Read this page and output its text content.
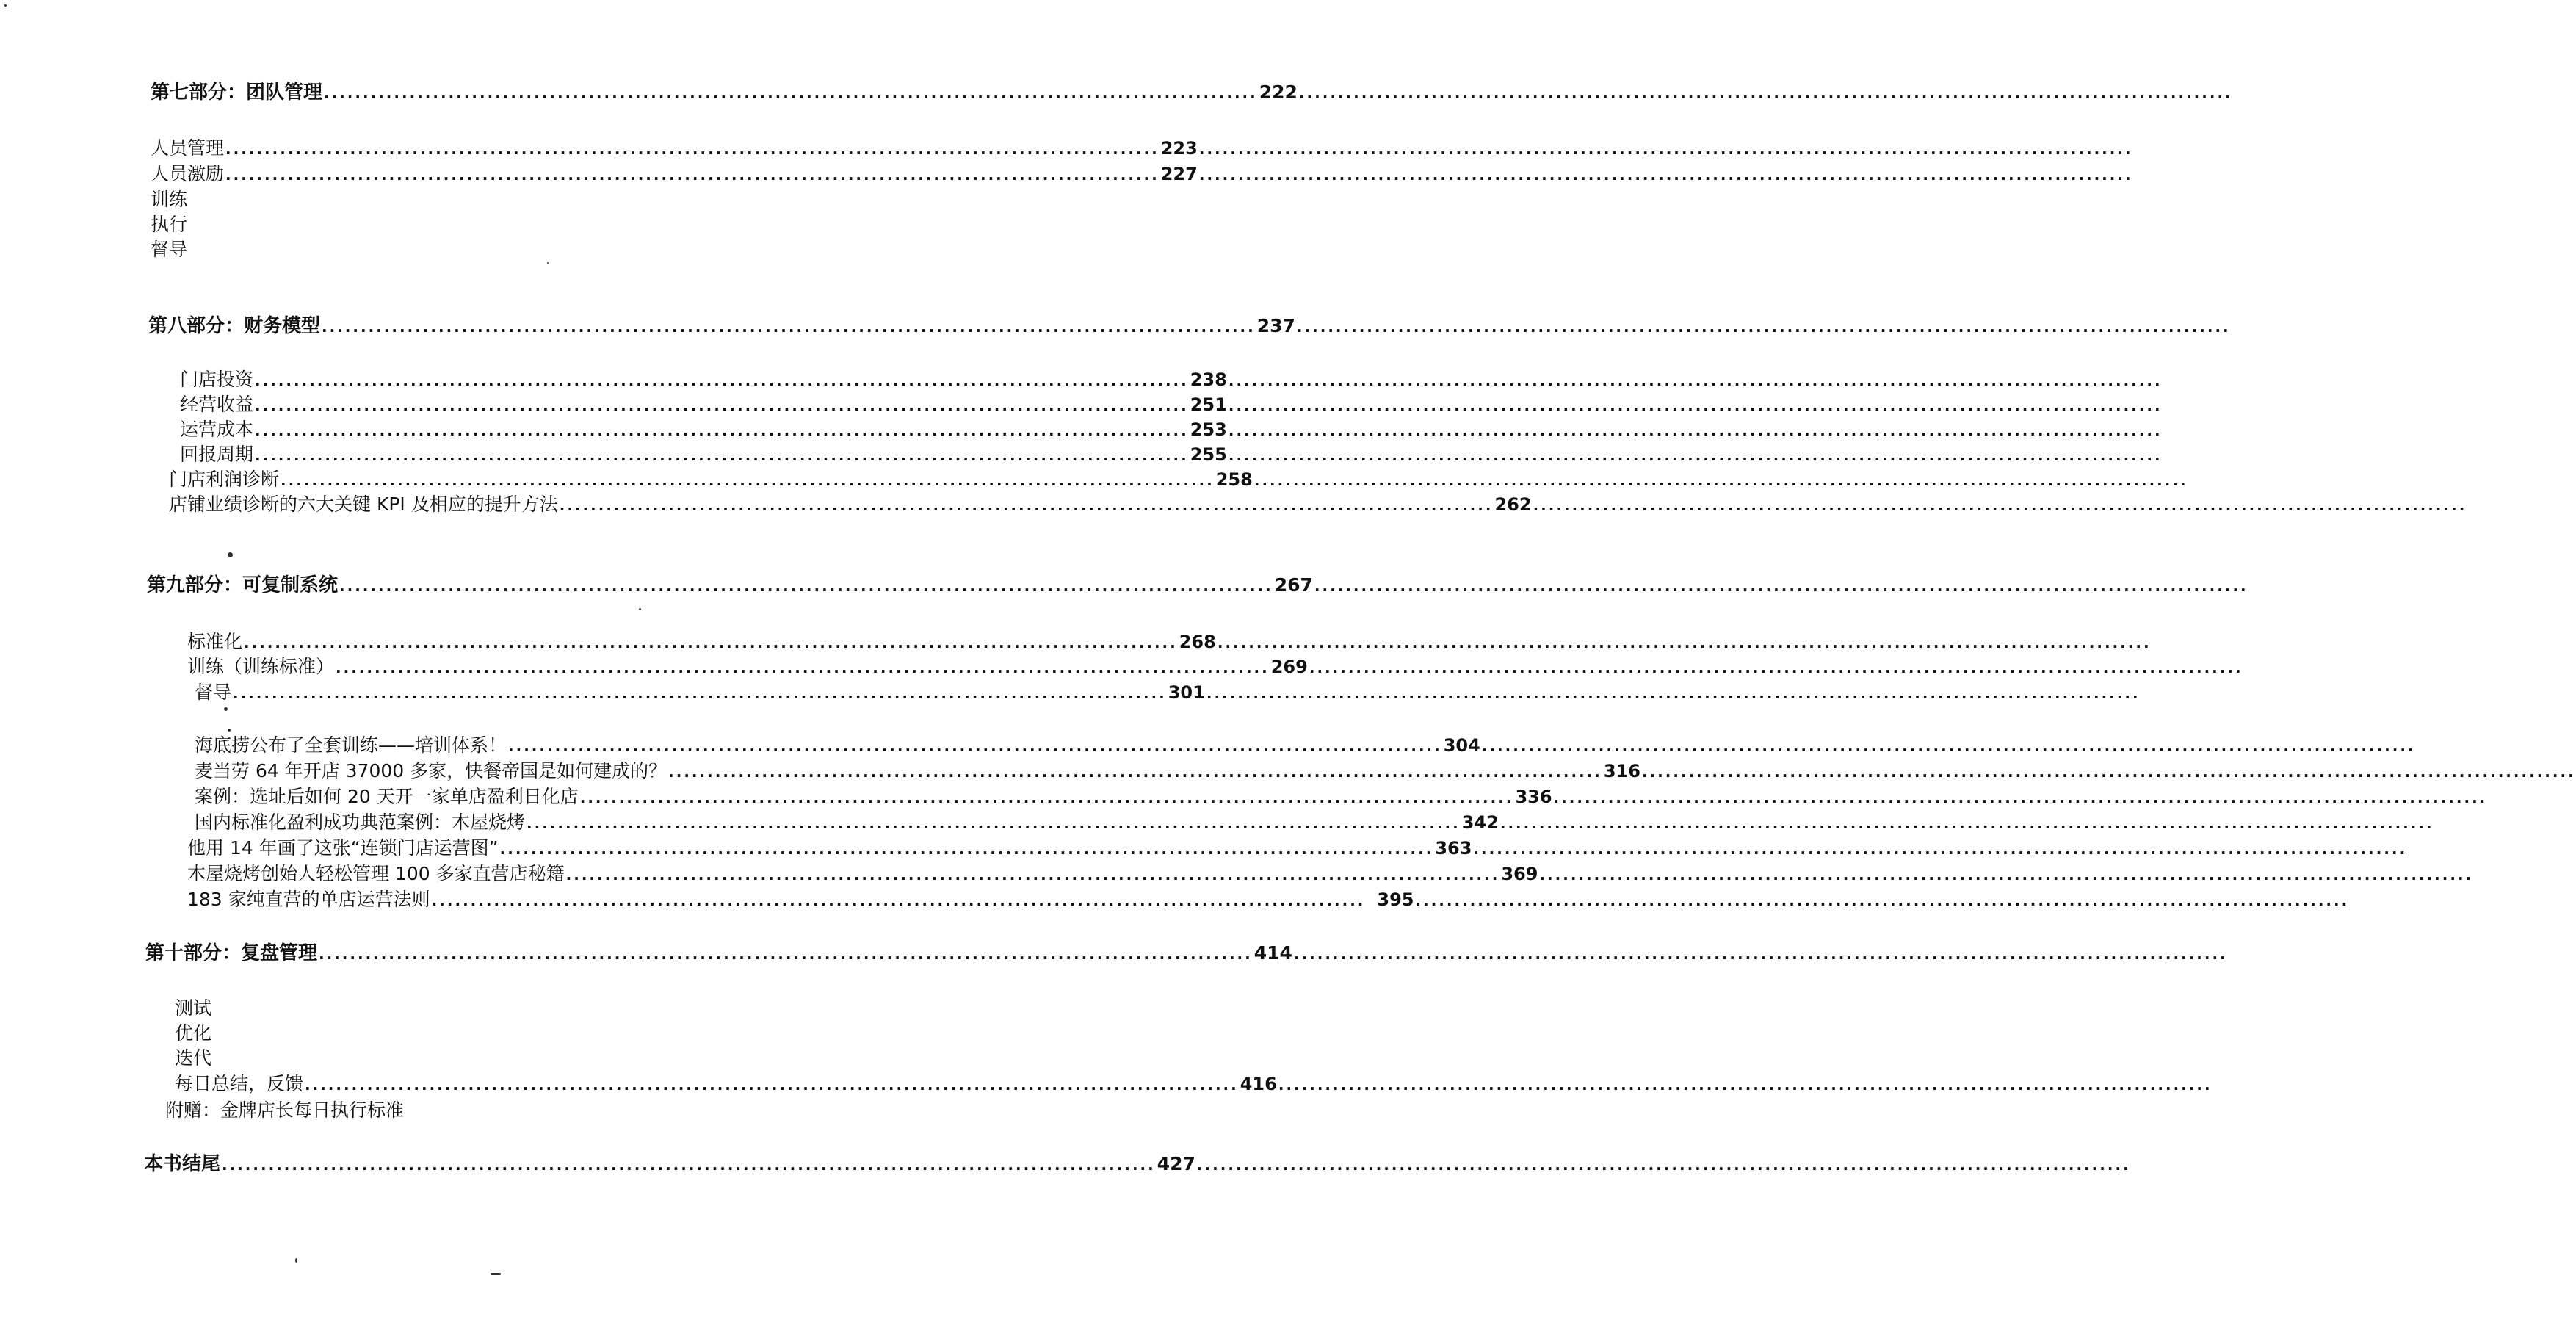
第七部分：团队管理 ........................................................................................................................ 222 ........................................................................................................................
人员管理 ........................................................................................................................ 223 ........................................................................................................................
人员激励 ........................................................................................................................ 227 ........................................................................................................................
训练
执行
督导
第八部分：财务模型 ........................................................................................................................ 237 ........................................................................................................................
门店投资 ........................................................................................................................ 238 ........................................................................................................................
经营收益 ........................................................................................................................ 251 ........................................................................................................................
运营成本 ........................................................................................................................ 253 ........................................................................................................................
回报周期 ........................................................................................................................ 255 ........................................................................................................................
门店利润诊断 ........................................................................................................................ 258 ........................................................................................................................
店铺业绩诊断的六大关键 KPI 及相应的提升方法 ........................................................................................................................ 262 ........................................................................................................................
第九部分：可复制系统 ........................................................................................................................ 267 ........................................................................................................................
标准化 ........................................................................................................................ 268 ........................................................................................................................
训练（训练标准） ........................................................................................................................ 269 ........................................................................................................................
督导 ........................................................................................................................ 301 ........................................................................................................................
海底捞公布了全套训练——培训体系！ ........................................................................................................................ 304 ........................................................................................................................
麦当劳 64 年开店 37000 多家，快餐帝国是如何建成的？ ........................................................................................................................ 316 ........................................................................................................................
案例：选址后如何 20 天开一家单店盈利日化店 ........................................................................................................................ 336 ........................................................................................................................
国内标准化盈利成功典范案例：木屋烧烤 ........................................................................................................................ 342 ........................................................................................................................
他用 14 年画了这张“连锁门店运营图” ........................................................................................................................ 363 ........................................................................................................................
木屋烧烤创始人轻松管理 100 多家直营店秘籍 ........................................................................................................................ 369 ........................................................................................................................
183 家纯直营的单店运营法则 ........................................................................................................................ 395 ........................................................................................................................
第十部分：复盘管理 ........................................................................................................................ 414 ........................................................................................................................
测试
优化
迭代
每日总结，反馈 ........................................................................................................................ 416 ........................................................................................................................
附赠：金牌店长每日执行标准
本书结尾 ........................................................................................................................ 427 ........................................................................................................................
